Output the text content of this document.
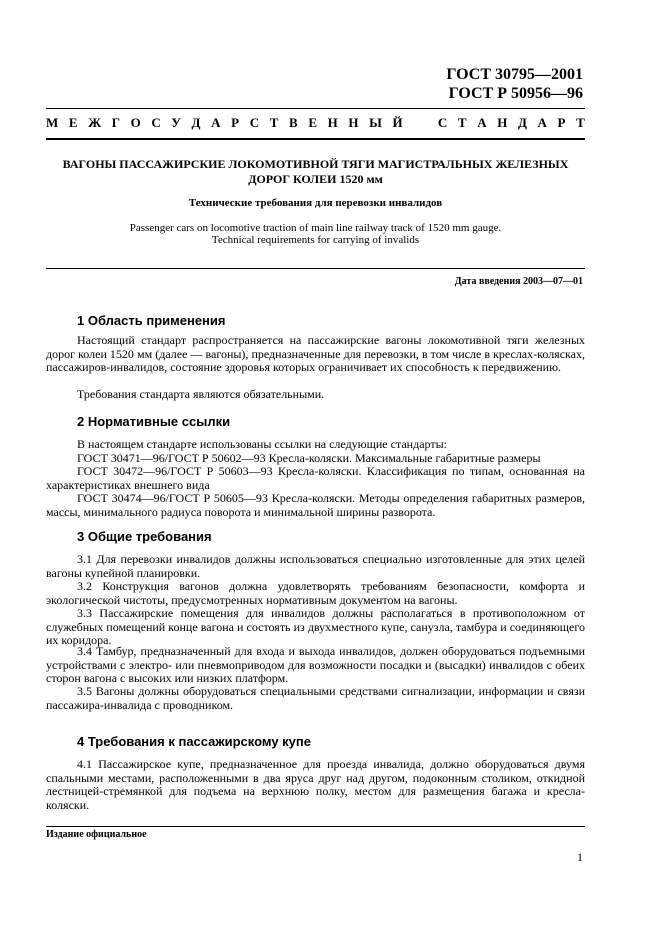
ГОСТ 30795—2001
ГОСТ Р 50956—96
М Е Ж Г О С У Д А Р С Т В Е Н Н Ы Й	С Т А Н Д А Р Т
ВАГОНЫ ПАССАЖИРСКИЕ ЛОКОМОТИВНОЙ ТЯГИ МАГИСТРАЛЬНЫХ ЖЕЛЕЗНЫХ
ДОРОГ КОЛЕИ 1520 мм
Технические требования для перевозки инвалидов
Passenger cars on locomotive traction of main line railway track of 1520 mm gauge.
Technical requirements for carrying of invalids
Дата введения 2003—07—01
1 Область применения
Настоящий стандарт распространяется на пассажирские вагоны локомотивной тяги железных дорог колеи 1520 мм (далее — вагоны), предназначенные для перевозки, в том числе в креслах-колясках, пассажиров-инвалидов, состояние здоровья которых ограничивает их способность к передвижению.
Требования стандарта являются обязательными.
2 Нормативные ссылки
В настоящем стандарте использованы ссылки на следующие стандарты:
ГОСТ 30471—96/ГОСТ Р 50602—93 Кресла-коляски. Максимальные габаритные размеры
ГОСТ 30472—96/ГОСТ Р 50603—93 Кресла-коляски. Классификация по типам, основанная на характеристиках внешнего вида
ГОСТ 30474—96/ГОСТ Р 50605—93 Кресла-коляски. Методы определения габаритных размеров, массы, минимального радиуса поворота и минимальной ширины разворота.
3 Общие требования
3.1 Для перевозки инвалидов должны использоваться специально изготовленные для этих целей вагоны купейной планировки.
3.2 Конструкция вагонов должна удовлетворять требованиям безопасности, комфорта и экологической чистоты, предусмотренных нормативным документом на вагоны.
3.3 Пассажирские помещения для инвалидов должны располагаться в противоположном от служебных помещений конце вагона и состоять из двухместного купе, санузла, тамбура и соединяющего их коридора.
3.4 Тамбур, предназначенный для входа и выхода инвалидов, должен оборудоваться подъемными устройствами с электро- или пневмоприводом для возможности посадки и (высадки) инвалидов с обеих сторон вагона с высоких или низких платформ.
3.5 Вагоны должны оборудоваться специальными средствами сигнализации, информации и связи пассажира-инвалида с проводником.
4 Требования к пассажирскому купе
4.1 Пассажирское купе, предназначенное для проезда инвалида, должно оборудоваться двумя спальными местами, расположенными в два яруса друг над другом, подоконным столиком, откидной лестницей-стремянкой для подъема на верхнюю полку, местом для размещения багажа и кресла-коляски.
Издание официальное
1
